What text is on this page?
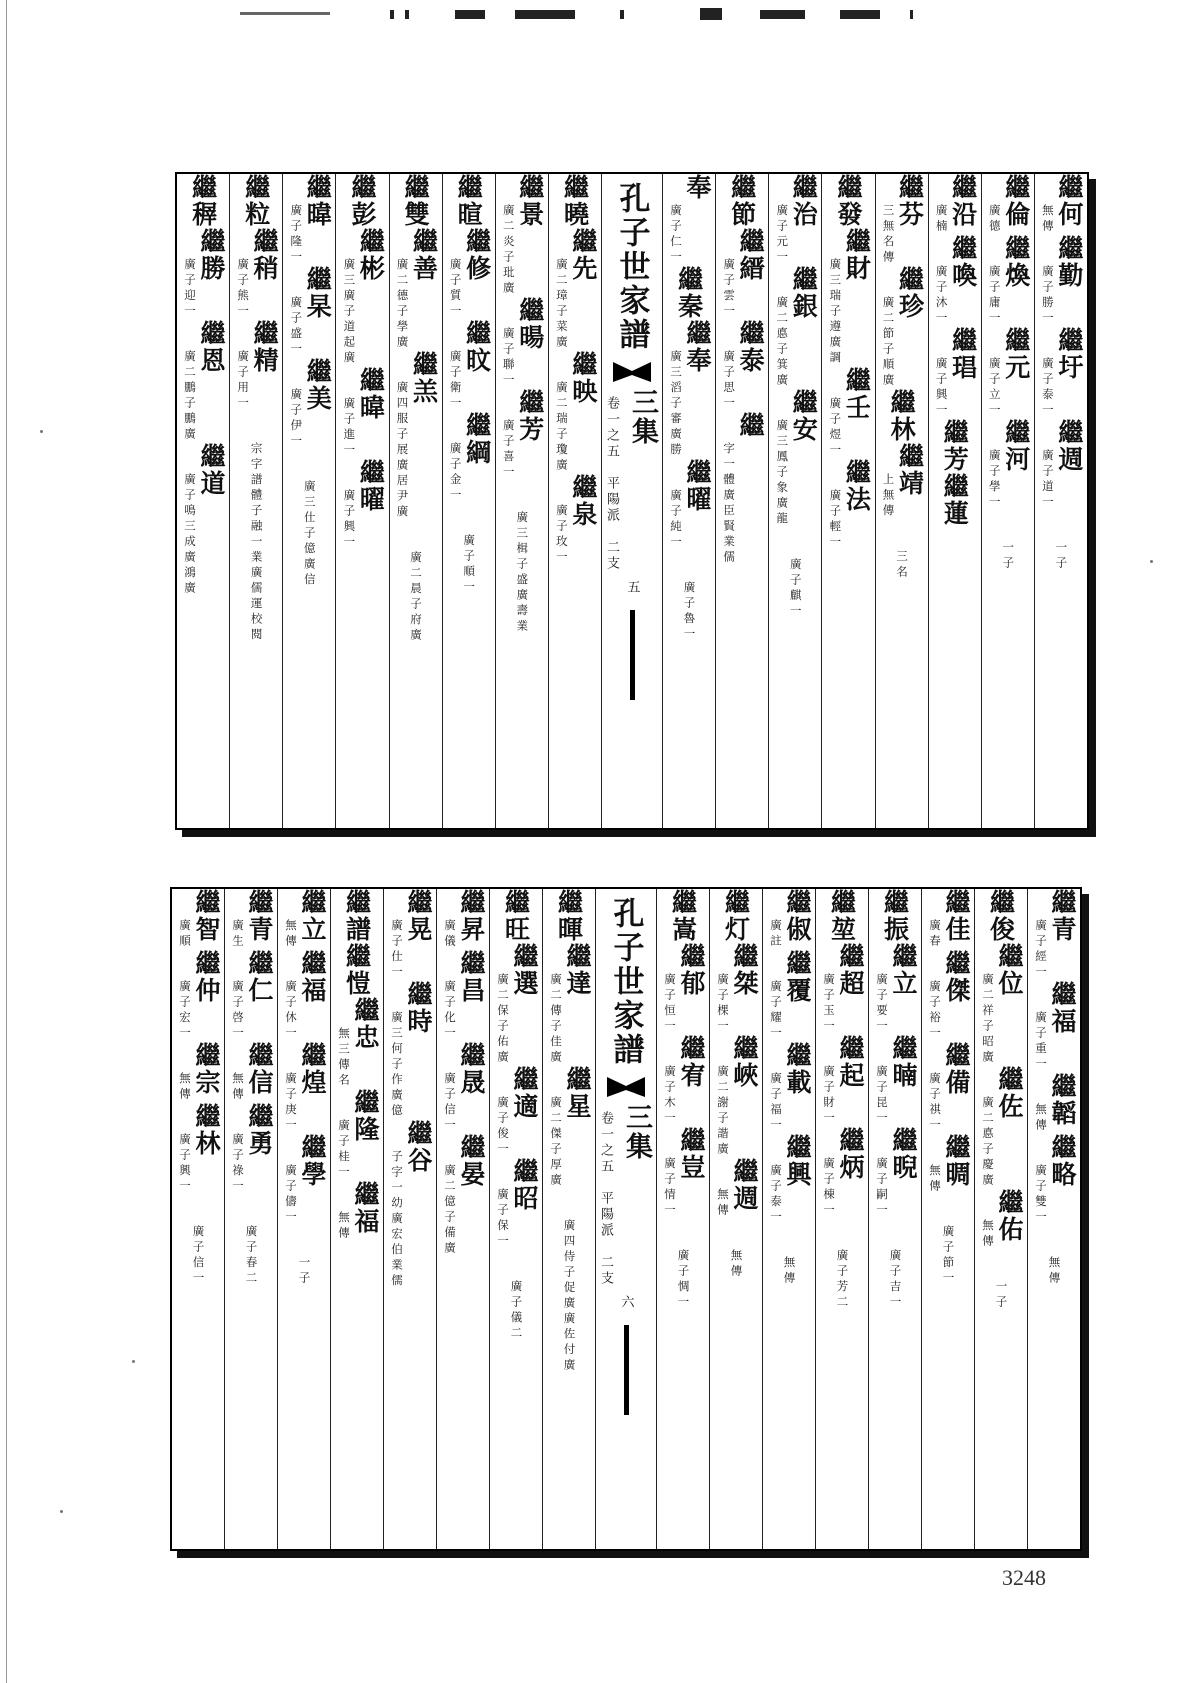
繼何
無傳
繼勤
廣子勝一
繼圩
廣子泰一
繼週
廣子道一
一子
繼倫
廣德
繼煥
廣子庸一
繼元
廣子立一
繼河
廣子學一
一子
繼沿
廣楠
繼喚
廣子沐一
繼琩
廣子興一
繼芳
繼蓮
繼芬
三無名傳
繼珍
廣二節子順廣
繼林
繼靖
上無傳
三名
繼發
繼財
廣三瑞子遵廣調
繼壬
廣子煜一
繼法
廣子輕一
繼治
廣子元一
繼銀
廣二悳子箕廣
繼安
廣三鳳子象廣龍
廣子麒一
繼節
繼縉
廣子雲一
繼泰
廣子思一
繼
字一體廣臣賢業儒
奉
廣子仁一
繼秦
繼奉
廣三滔子審廣勝
繼曜
廣子純一
廣子魯一
孔子世家譜
三集
卷一之五　平陽派　二支
五
繼曉
繼先
廣二璋子菜廣
繼映
廣二瑞子瓊廣
繼泉
廣子玫一
繼景
廣二炎子玭廣
繼暘
廣子聯一
繼芳
廣子喜一
廣三楫子盛廣壽業
繼暄
繼修
廣子質一
繼旼
廣子衛一
繼綱
廣子金一
廣子順一
繼雙
繼善
廣二德子學廣
繼羔
廣四服子展廣居尹廣
廣二晨子府廣
繼彭
繼彬
廣三廣子道起廣
繼暐
廣子進一
繼曜
廣子興一
繼暐
廣子隆一
繼杲
廣子盛一
繼美
廣子伊一
廣三仕子億廣信
繼粒
繼稍
廣子熊一
繼精
廣子用一
宗字譜體子融一業廣儒運校閱
繼稺
繼勝
廣子迎一
繼恩
廣二鵬子鵬廣
繼道
廣子鳴三成廣鴻廣
繼青
廣子經一
繼福
廣子重一
繼韜
無傳
繼略
廣子雙一
無傳
繼俊
繼位
廣二祥子昭廣
繼佐
廣二悳子慶廣
繼佑
無傳
一子
繼佳
廣春
繼傑
廣子裕一
繼備
廣子祺一
繼晭
無傳
廣子節一
繼振
繼立
廣子要一
繼暔
廣子昆一
繼晲
廣子嗣一
廣子吉一
繼堃
繼超
廣子玉一
繼起
廣子財一
繼炳
廣子棟一
廣子芳二
繼俶
廣註
繼覆
廣子耀一
繼載
廣子福一
繼興
廣子泰一
無傳
繼灯
繼桀
廣子棵一
繼峽
廣二謝子諧廣
繼週
無傳
無傳
繼嵩
繼郁
廣子恒一
繼宥
廣子木一
繼豈
廣子情一
廣子惆一
孔子世家譜
三集
卷一之五　平陽派　二支
六
繼暉
繼達
廣二傳子佳廣
繼星
廣二傑子厚廣
廣四侍子促廣廣佐付廣
繼旺
繼選
廣二保子佑廣
繼適
廣子俊一
繼昭
廣子保一
廣子儀二
繼昇
廣儀
繼昌
廣子化一
繼晟
廣子信一
繼晏
廣二億子備廣
繼晃
廣子仕一
繼時
廣三何子作廣億
繼谷
子字一幼廣宏伯業儒
繼譜
繼愷
繼忠
無三傳名
繼隆
廣子桂一
繼福
無傳
繼立
無傳
繼福
廣子休一
繼煌
廣子庚一
繼學
廣子儔一
一子
繼青
廣生
繼仁
廣子啓一
繼信
無傳
繼勇
廣子祿一
廣子春二
繼智
廣順
繼仲
廣子宏一
繼宗
無傳
繼林
廣子興一
廣子信一
3248
